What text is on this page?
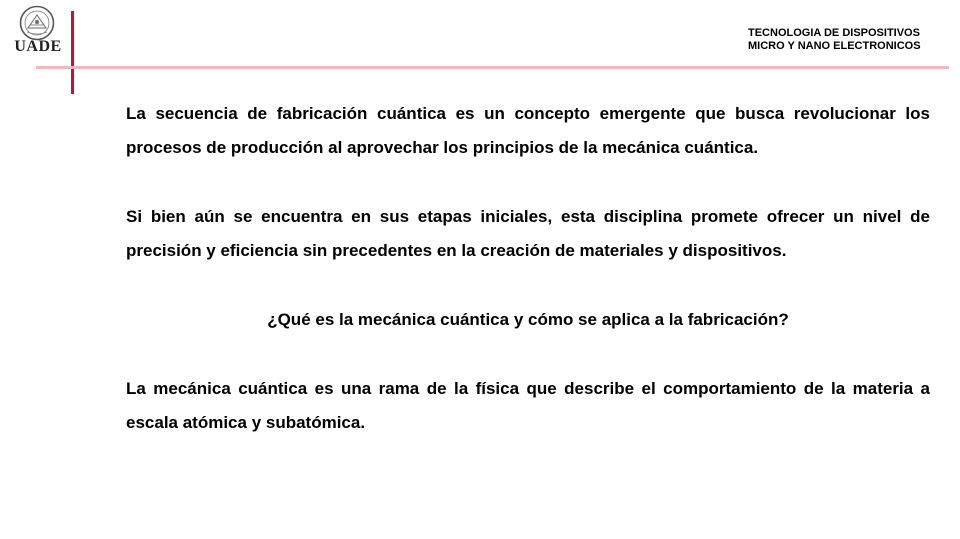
UADE
TECNOLOGIA DE DISPOSITIVOS
MICRO Y NANO ELECTRONICOS

La secuencia de fabricación cuántica es un concepto emergente que busca revolucionar los procesos de producción al aprovechar los principios de la mecánica cuántica.

Si bien aún se encuentra en sus etapas iniciales, esta disciplina promete ofrecer un nivel de precisión y eficiencia sin precedentes en la creación de materiales y dispositivos.

¿Qué es la mecánica cuántica y cómo se aplica a la fabricación?

La mecánica cuántica es una rama de la física que describe el comportamiento de la materia a escala atómica y subatómica.
